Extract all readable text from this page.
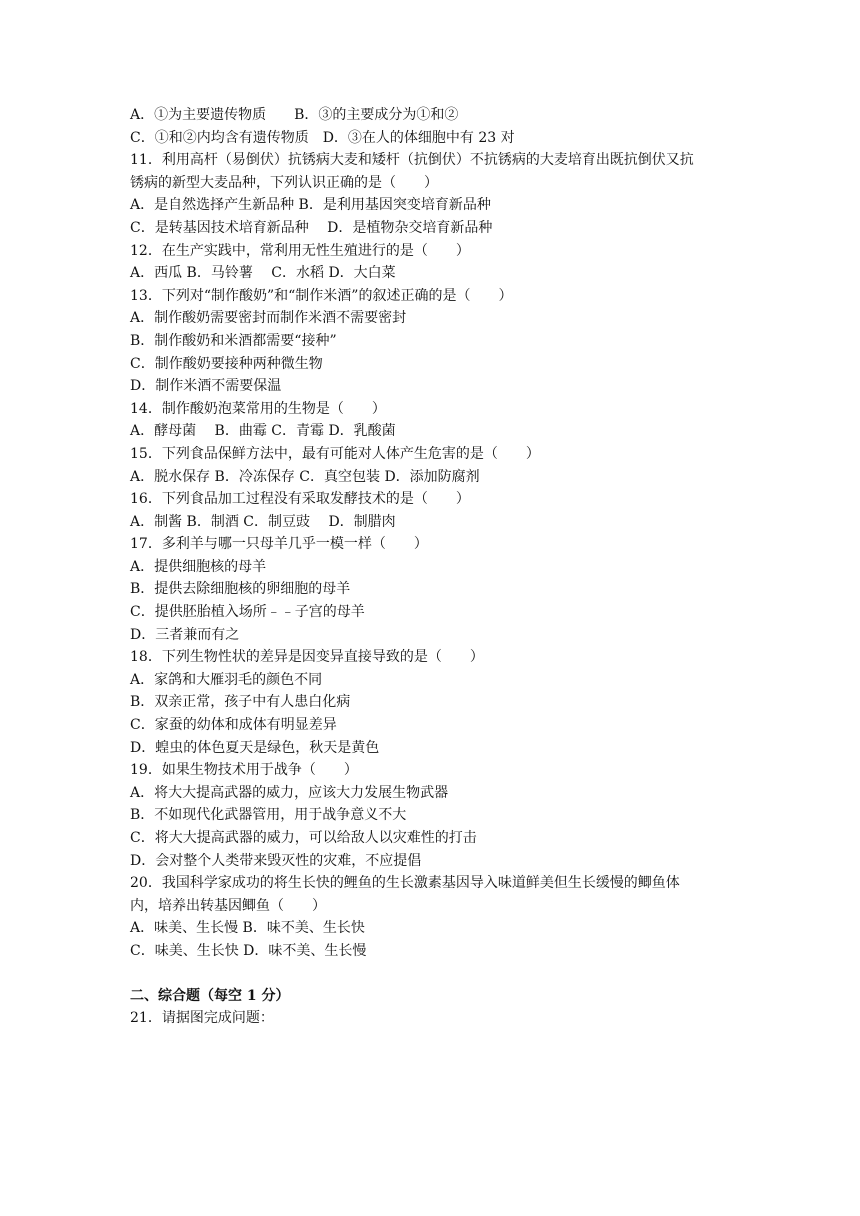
A．①为主要遗传物质　　B．③的主要成分为①和②
C．①和②内均含有遗传物质　D．③在人的体细胞中有 23 对
11．利用高杆（易倒伏）抗锈病大麦和矮杆（抗倒伏）不抗锈病的大麦培育出既抗倒伏又抗
锈病的新型大麦品种，下列认识正确的是（　　）
A．是自然选择产生新品种 B．是利用基因突变培育新品种
C．是转基因技术培育新品种　 D．是植物杂交培育新品种
12．在生产实践中，常利用无性生殖进行的是（　　）
A．西瓜 B．马铃薯　 C．水稻 D．大白菜
13．下列对“制作酸奶”和“制作米酒”的叙述正确的是（　　）
A．制作酸奶需要密封而制作米酒不需要密封
B．制作酸奶和米酒都需要“接种”
C．制作酸奶要接种两种微生物
D．制作米酒不需要保温
14．制作酸奶泡菜常用的生物是（　　）
A．酵母菌　 B．曲霉 C．青霉 D．乳酸菌
15．下列食品保鲜方法中，最有可能对人体产生危害的是（　　）
A．脱水保存 B．冷冻保存 C．真空包装 D．添加防腐剂
16．下列食品加工过程没有采取发酵技术的是（　　）
A．制酱 B．制酒 C．制豆豉　 D．制腊肉
17．多利羊与哪一只母羊几乎一模一样（　　）
A．提供细胞核的母羊
B．提供去除细胞核的卵细胞的母羊
C．提供胚胎植入场所﹣﹣子宫的母羊
D．三者兼而有之
18．下列生物性状的差异是因变异直接导致的是（　　）
A．家鸽和大雁羽毛的颜色不同
B．双亲正常，孩子中有人患白化病
C．家蚕的幼体和成体有明显差异
D．蝗虫的体色夏天是绿色，秋天是黄色
19．如果生物技术用于战争（　　）
A．将大大提高武器的威力，应该大力发展生物武器
B．不如现代化武器管用，用于战争意义不大
C．将大大提高武器的威力，可以给敌人以灾难性的打击
D．会对整个人类带来毁灭性的灾难，不应提倡
20．我国科学家成功的将生长快的鲤鱼的生长激素基因导入味道鲜美但生长缓慢的鲫鱼体
内，培养出转基因鲫鱼（　　）
A．味美、生长慢 B．味不美、生长快
C．味美、生长快 D．味不美、生长慢
二、综合题（每空 1 分）
21．请据图完成问题：
